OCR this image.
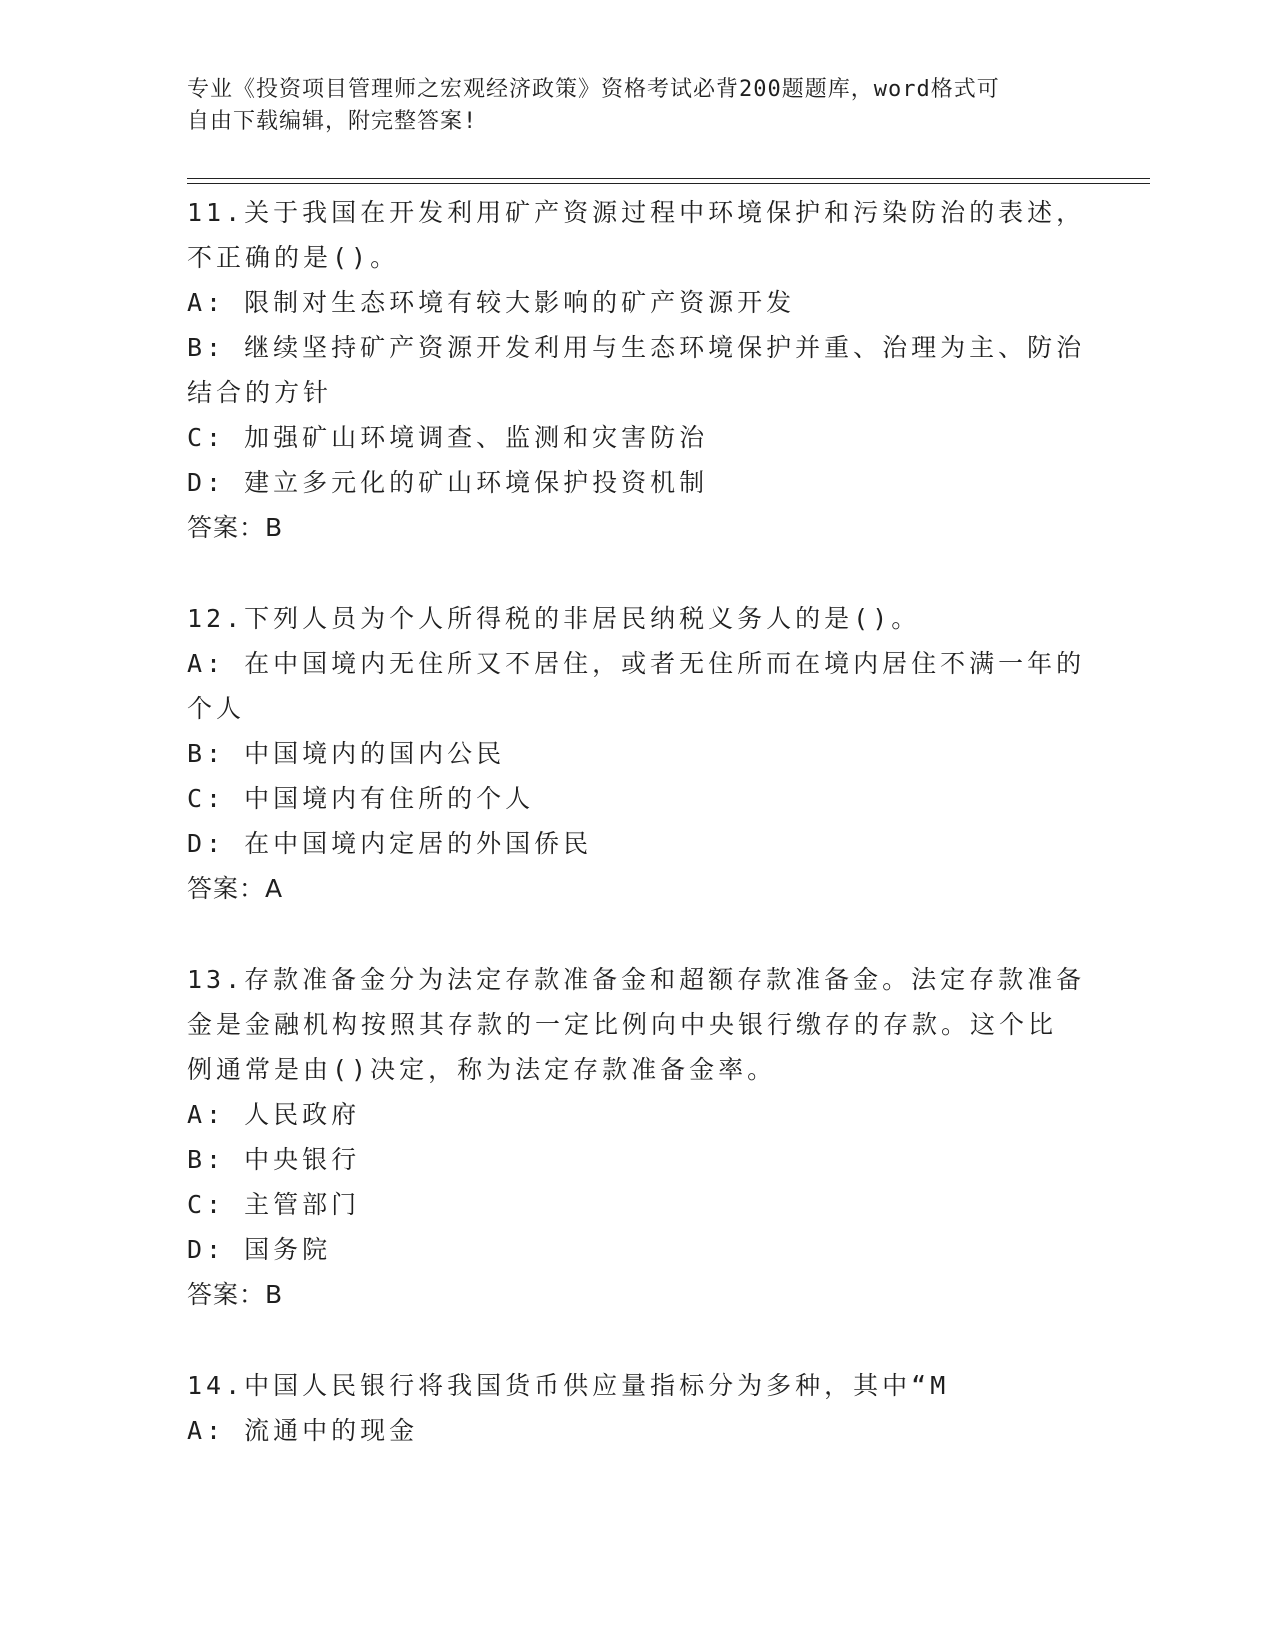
专业《投资项目管理师之宏观经济政策》资格考试必背200题题库，word格式可
自由下载编辑，附完整答案!
11.关于我国在开发利用矿产资源过程中环境保护和污染防治的表述，
不正确的是()。
A: 限制对生态环境有较大影响的矿产资源开发
B: 继续坚持矿产资源开发利用与生态环境保护并重、治理为主、防治
结合的方针
C: 加强矿山环境调查、监测和灾害防治
D: 建立多元化的矿山环境保护投资机制
答案：B
12.下列人员为个人所得税的非居民纳税义务人的是()。
A: 在中国境内无住所又不居住，或者无住所而在境内居住不满一年的
个人
B: 中国境内的国内公民
C: 中国境内有住所的个人
D: 在中国境内定居的外国侨民
答案：A
13.存款准备金分为法定存款准备金和超额存款准备金。法定存款准备
金是金融机构按照其存款的一定比例向中央银行缴存的存款。这个比
例通常是由()决定，称为法定存款准备金率。
A: 人民政府
B: 中央银行
C: 主管部门
D: 国务院
答案：B
14.中国人民银行将我国货币供应量指标分为多种，其中“M
A: 流通中的现金
